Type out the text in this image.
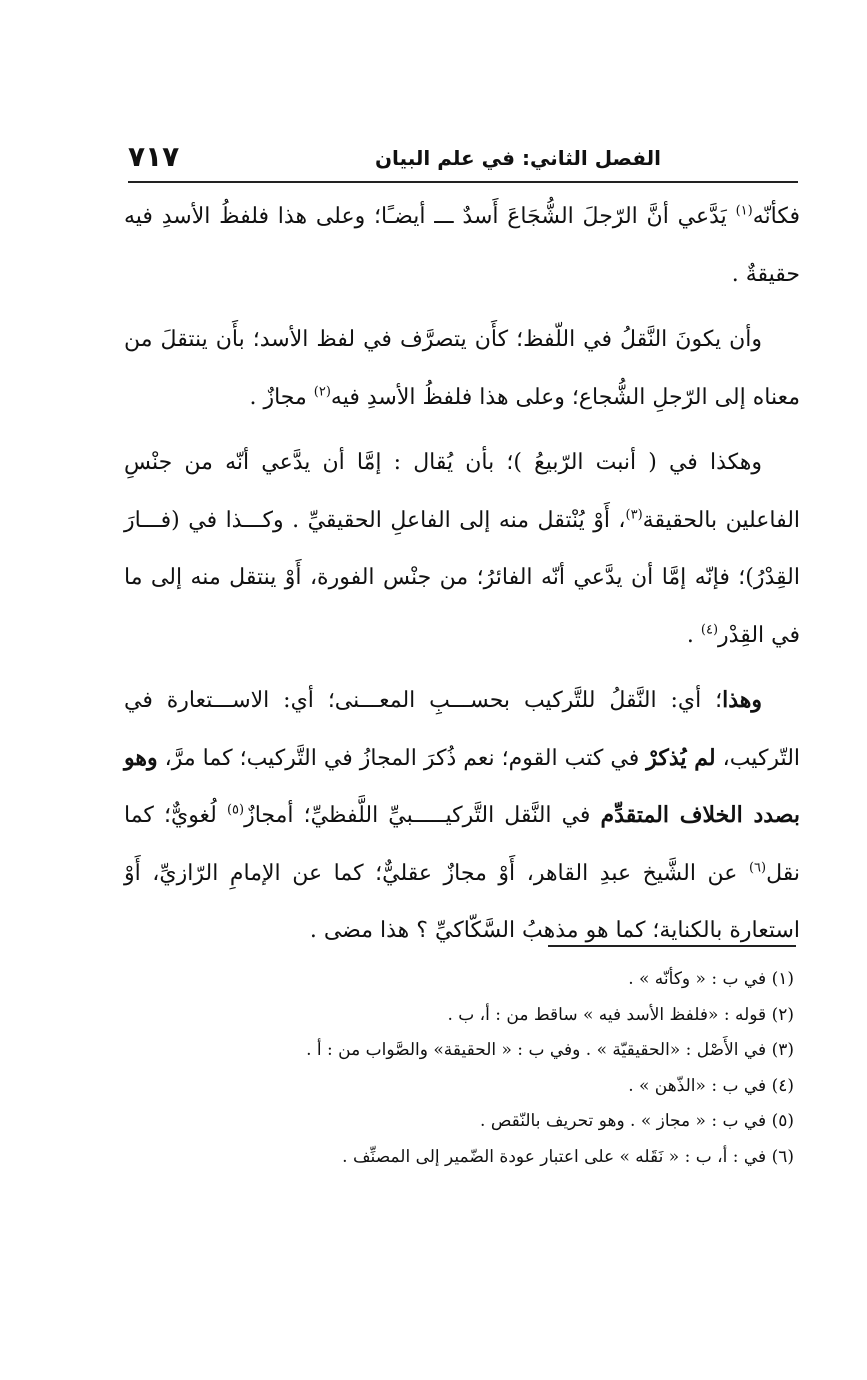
٧١٧	الفصل الثاني: في علم البيان

فكأنّه$^{(١)}$ يَدَّعي أنَّ الرّجلَ الشُّجَاعَ أَسدٌ ـــ أيضـًا؛ وعلى هذا فلفظُ الأسدِ فيه حقيقةٌ .

وأن يكونَ النَّقلُ في اللّفظ؛ كأَن يتصرَّف في لفظ الأسد؛ بأَن ينتقلَ من معناه إلى الرّجلِ الشُّجاع؛ وعلى هذا فلفظُ الأسدِ فيه$^{(٢)}$ مجازٌ .

وهكذا في ( أنبت الرّبيعُ )؛ بأن يُقال : إمَّا أن يدَّعي أنّه من جنْسِ الفاعلين بالحقيقة$^{(٣)}$، أَوْ يُنْتقل منه إلى الفاعلِ الحقيقيِّ . وكـــذا في (فـــارَ القِدْرُ)؛ فإنّه إمَّا أن يدَّعي أنّه الفائرُ؛ من جنْس الفورة، أَوْ ينتقل منه إلى ما في القِدْر$^{(٤)}$ .

وهذا؛ أي: النَّقلُ للتَّركيب بحســـبِ المعـــنى؛ أي: الاســـتعارة في التّركيب، لم يُذكرْ في كتب القوم؛ نعم ذُكرَ المجازُ في التَّركيب؛ كما مرَّ، وهو بصدد الخلاف المتقدِّم في النَّقل التَّركيـــــبيِّ اللَّفظيِّ؛ أمجازٌ$^{(٥)}$ لُغويٌّ؛ كما نقل$^{(٦)}$ عن الشَّيخ عبدِ القاهر، أَوْ مجازٌ عقليٌّ؛ كما عن الإمامِ الرّازيِّ، أَوْ استعارة بالكناية؛ كما هو مذهبُ السَّكّاكيِّ ؟ هذا مضى .

(١) في ب : « وكأنّه » .
(٢) قوله : «فلفظ الأسد فيه » ساقط من : أ، ب .
(٣) في الأَصْل : «الحقيقيّة » . وفي ب : « الحقيقة» والصَّواب من : أ .
(٤) في ب : «الذّهن » .
(٥) في ب : « مجاز » . وهو تحريف بالنّقص .
(٦) في : أ، ب : « نَقَله » على اعتبار عودة الضّمير إلى المصنِّف .
